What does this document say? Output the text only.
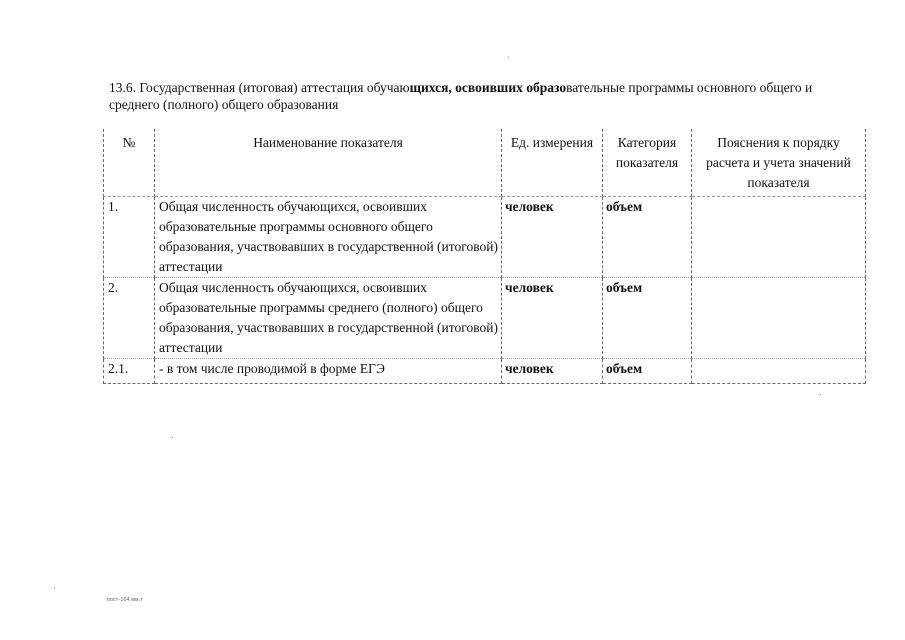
13.6. Государственная (итоговая) аттестация обучающихся, освоивших образовательные программы основного общего и среднего (полного) общего образования
№	Наименование показателя	Ед. измерения	Категория показателя	Пояснения к порядку расчета и учета значений показателя
1.	Общая численность обучающихся, освоивших образовательные программы основного общего образования, участвовавших в государственной (итоговой) аттестации	человек	объем	
2.	Общая численность обучающихся, освоивших образовательные программы среднего (полного) общего образования, участвовавших в государственной (итоговой) аттестации	человек	объем	
2.1.	- в том числе проводимой в форме ЕГЭ	человек	объем	
пост-164.мм.т
